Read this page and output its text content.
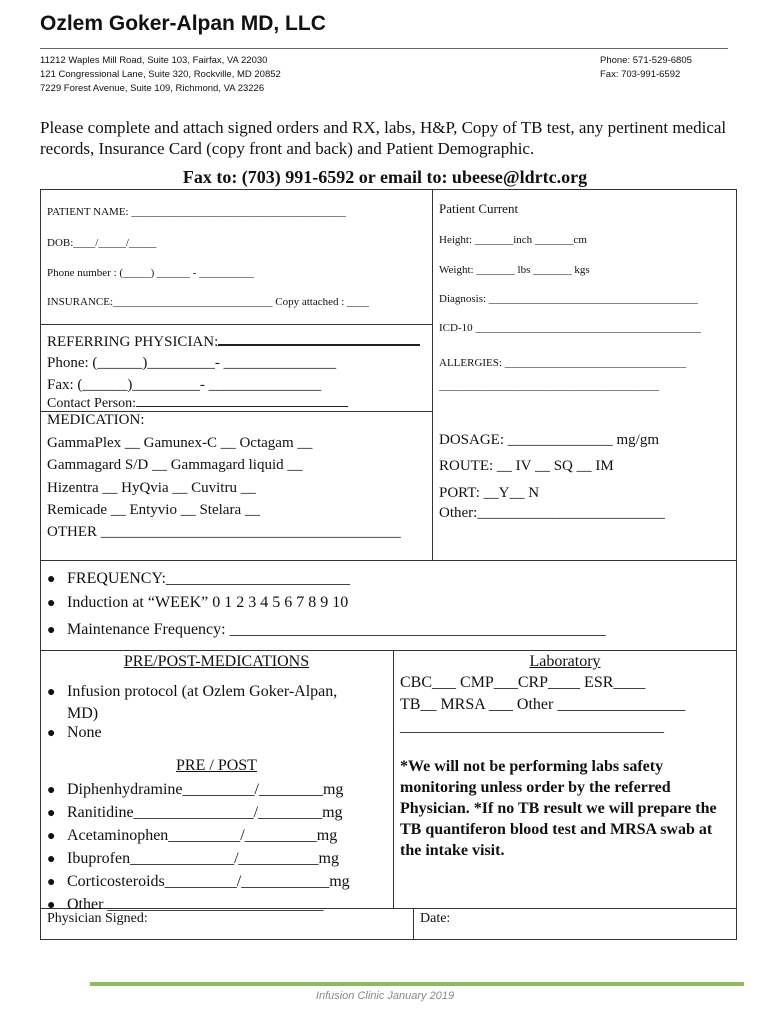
Ozlem Goker-Alpan MD, LLC
11212 Waples Mill Road, Suite 103, Fairfax, VA 22030
121 Congressional Lane, Suite 320, Rockville, MD 20852
7229 Forest Avenue, Suite 109, Richmond, VA 23226
Phone: 571-529-6805
Fax: 703-991-6592
Please complete and attach signed orders and RX, labs, H&P, Copy of TB test, any pertinent medical records, Insurance Card (copy front and back) and Patient Demographic.
Fax to: (703) 991-6592 or email to: ubeese@ldrtc.org
PATIENT NAME: _______________________________________
DOB:____/_____/_____
Phone number : (_____) ______ - __________
INSURANCE:_____________________________ Copy attached : ____
Patient Current
Height: _______inch _______cm
Weight: _______ lbs _______ kgs
Diagnosis: ______________________________________
ICD-10 _________________________________________
ALLERGIES: _________________________________
________________________________________
REFERRING PHYSICIAN:
Phone: (______)_________- _______________
Fax: (______)_________- _______________
Contact Person:
MEDICATION:
GammaPlex __ Gamunex-C __ Octagam __
Gammagard S/D __ Gammagard liquid __
Hizentra __ HyQvia __ Cuvitru __
Remicade __ Entyvio __ Stelara __
OTHER ________________________________________
DOSAGE: ______________ mg/gm
ROUTE: __ IV __ SQ __ IM
PORT: __Y__ N
Other:_________________________
● FREQUENCY:_______________________
● Induction at “WEEK” 0 1 2 3 4 5 6 7 8 9 10
● Maintenance Frequency: _______________________________________________
PRE/POST-MEDICATIONS
● Infusion protocol (at Ozlem Goker-Alpan,
MD)
● None
PRE / POST
● Diphenhydramine_________/________mg
● Ranitidine_______________/________mg
● Acetaminophen_________/_________mg
● Ibuprofen_____________/__________mg
● Corticosteroids_________/___________mg
● Other ___________________________
Laboratory
CBC___ CMP___CRP____ ESR____
TB__ MRSA ___ Other ________________
_________________________________
*We will not be performing labs safety monitoring unless order by the referred Physician. *If no TB result we will prepare the TB quantiferon blood test and MRSA swab at the intake visit.
Physician Signed:	Date:
Infusion Clinic January 2019
